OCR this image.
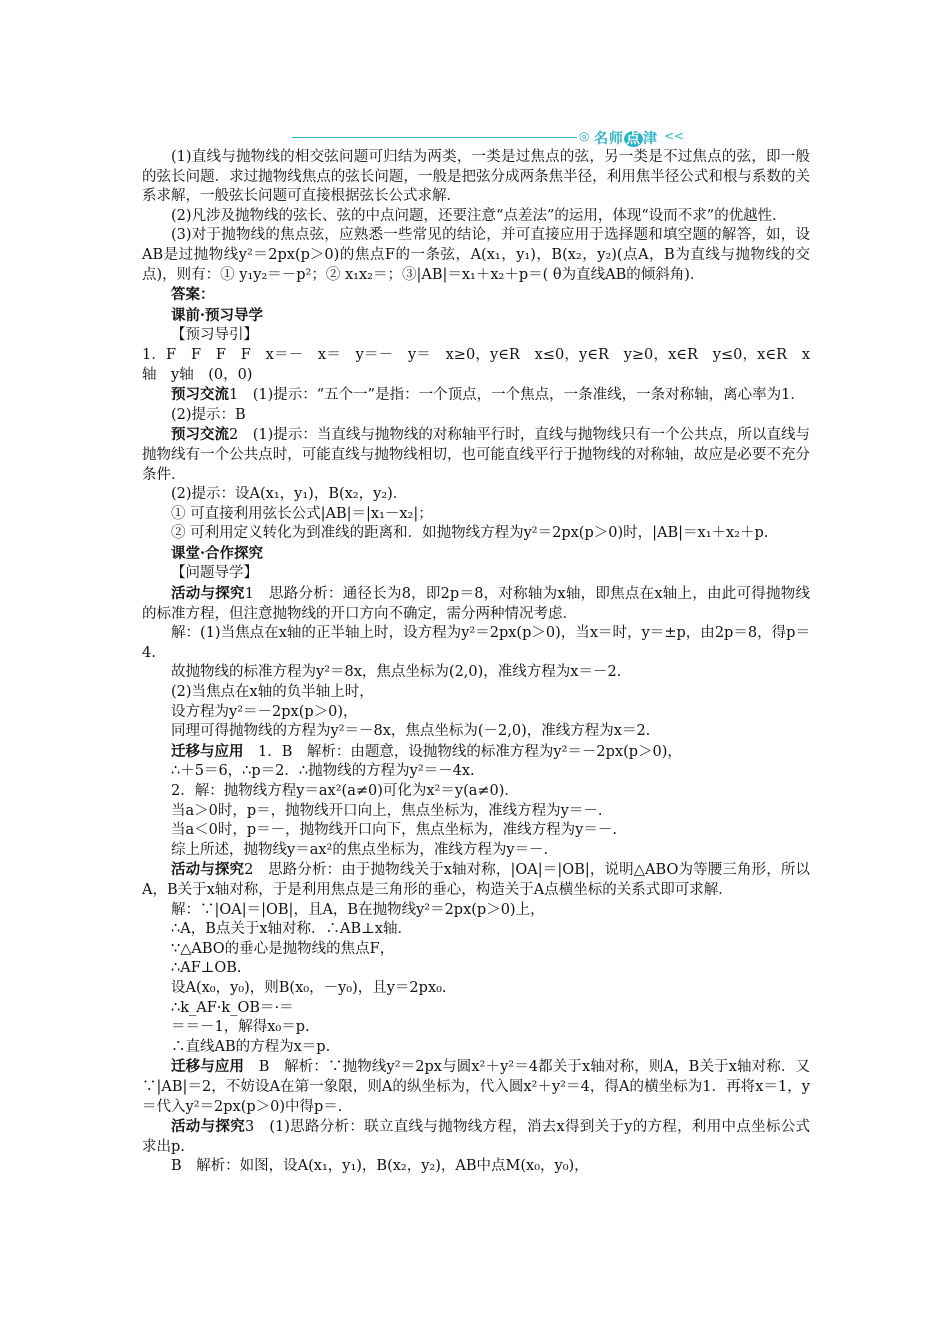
◎ 名师 点 津 <<

(1)直线与抛物线的相交弦问题可归结为两类，一类是过焦点的弦，另一类是不过焦点的弦，即一般的弦长问题．求过抛物线焦点的弦长问题，一般是把弦分成两条焦半径，利用焦半径公式和根与系数的关系求解，一般弦长问题可直接根据弦长公式求解．

(2)凡涉及抛物线的弦长、弦的中点问题，还要注意“点差法”的运用，体现“设而不求”的优越性．

(3)对于抛物线的焦点弦，应熟悉一些常见的结论，并可直接应用于选择题和填空题的解答，如，设AB是过抛物线y²＝2px(p＞0)的焦点F的一条弦，A(x₁，y₁)，B(x₂，y₂)(点A，B为直线与抛物线的交点)，则有：① y₁y₂＝－p²；② x₁x₂＝；③|AB|＝x₁＋x₂＋p＝( θ为直线AB的倾斜角)．

答案：

课前·预习导学

【预习导引】

1．F　F　F　F　x＝－　x＝　y＝－　y＝　x≥0，y∈R　x≤0，y∈R　y≥0，x∈R　y≤0，x∈R　x轴　y轴　(0，0)

预习交流1　(1)提示：“五个一”是指：一个顶点，一个焦点，一条准线，一条对称轴，离心率为1．

(2)提示：B

预习交流2　(1)提示：当直线与抛物线的对称轴平行时，直线与抛物线只有一个公共点，所以直线与抛物线有一个公共点时，可能直线与抛物线相切，也可能直线平行于抛物线的对称轴，故应是必要不充分条件．

(2)提示：设A(x₁，y₁)，B(x₂，y₂)．

① 可直接利用弦长公式|AB|＝|x₁－x₂|；

② 可利用定义转化为到准线的距离和．如抛物线方程为y²＝2px(p＞0)时，|AB|＝x₁＋x₂＋p.

课堂·合作探究

【问题导学】

活动与探究1　思路分析：通径长为8，即2p＝8，对称轴为x轴，即焦点在x轴上，由此可得抛物线的标准方程，但注意抛物线的开口方向不确定，需分两种情况考虑．

解：(1)当焦点在x轴的正半轴上时，设方程为y²＝2px(p＞0)，当x＝时，y＝±p，由2p＝8，得p＝4.

故抛物线的标准方程为y²＝8x，焦点坐标为(2,0)，准线方程为x＝－2.

(2)当焦点在x轴的负半轴上时，

设方程为y²＝－2px(p＞0)，

同理可得抛物线的方程为y²＝－8x，焦点坐标为(－2,0)，准线方程为x＝2.

迁移与应用　1．B　解析：由题意，设抛物线的标准方程为y²＝－2px(p＞0)，

∴＋5＝6，∴p＝2．∴抛物线的方程为y²＝－4x.

2．解：抛物线方程y＝ax²(a≠0)可化为x²＝y(a≠0)．

当a＞0时，p＝，抛物线开口向上，焦点坐标为，准线方程为y＝－.

当a＜0时，p＝－，抛物线开口向下，焦点坐标为，准线方程为y＝－.

综上所述，抛物线y＝ax²的焦点坐标为，准线方程为y＝－.

活动与探究2　思路分析：由于抛物线关于x轴对称，|OA|＝|OB|，说明△ABO为等腰三角形，所以A，B关于x轴对称，于是利用焦点是三角形的垂心，构造关于A点横坐标的关系式即可求解．

解：∵|OA|＝|OB|，且A，B在抛物线y²＝2px(p＞0)上，

∴A，B点关于x轴对称．∴AB⊥x轴．

∵△ABO的垂心是抛物线的焦点F，

∴AF⊥OB.

设A(x₀，y₀)，则B(x₀，－y₀)，且y＝2px₀.

∴k_AF·k_OB＝·＝

＝＝－1，解得x₀＝p.

∴直线AB的方程为x＝p.

迁移与应用　B　解析：∵抛物线y²＝2px与圆x²＋y²＝4都关于x轴对称，则A，B关于x轴对称．又∵|AB|＝2，不妨设A在第一象限，则A的纵坐标为，代入圆x²＋y²＝4，得A的横坐标为1．再将x＝1，y＝代入y²＝2px(p＞0)中得p＝.

活动与探究3　(1)思路分析：联立直线与抛物线方程，消去x得到关于y的方程，利用中点坐标公式求出p.

B　解析：如图，设A(x₁，y₁)，B(x₂，y₂)，AB中点M(x₀，y₀)，
